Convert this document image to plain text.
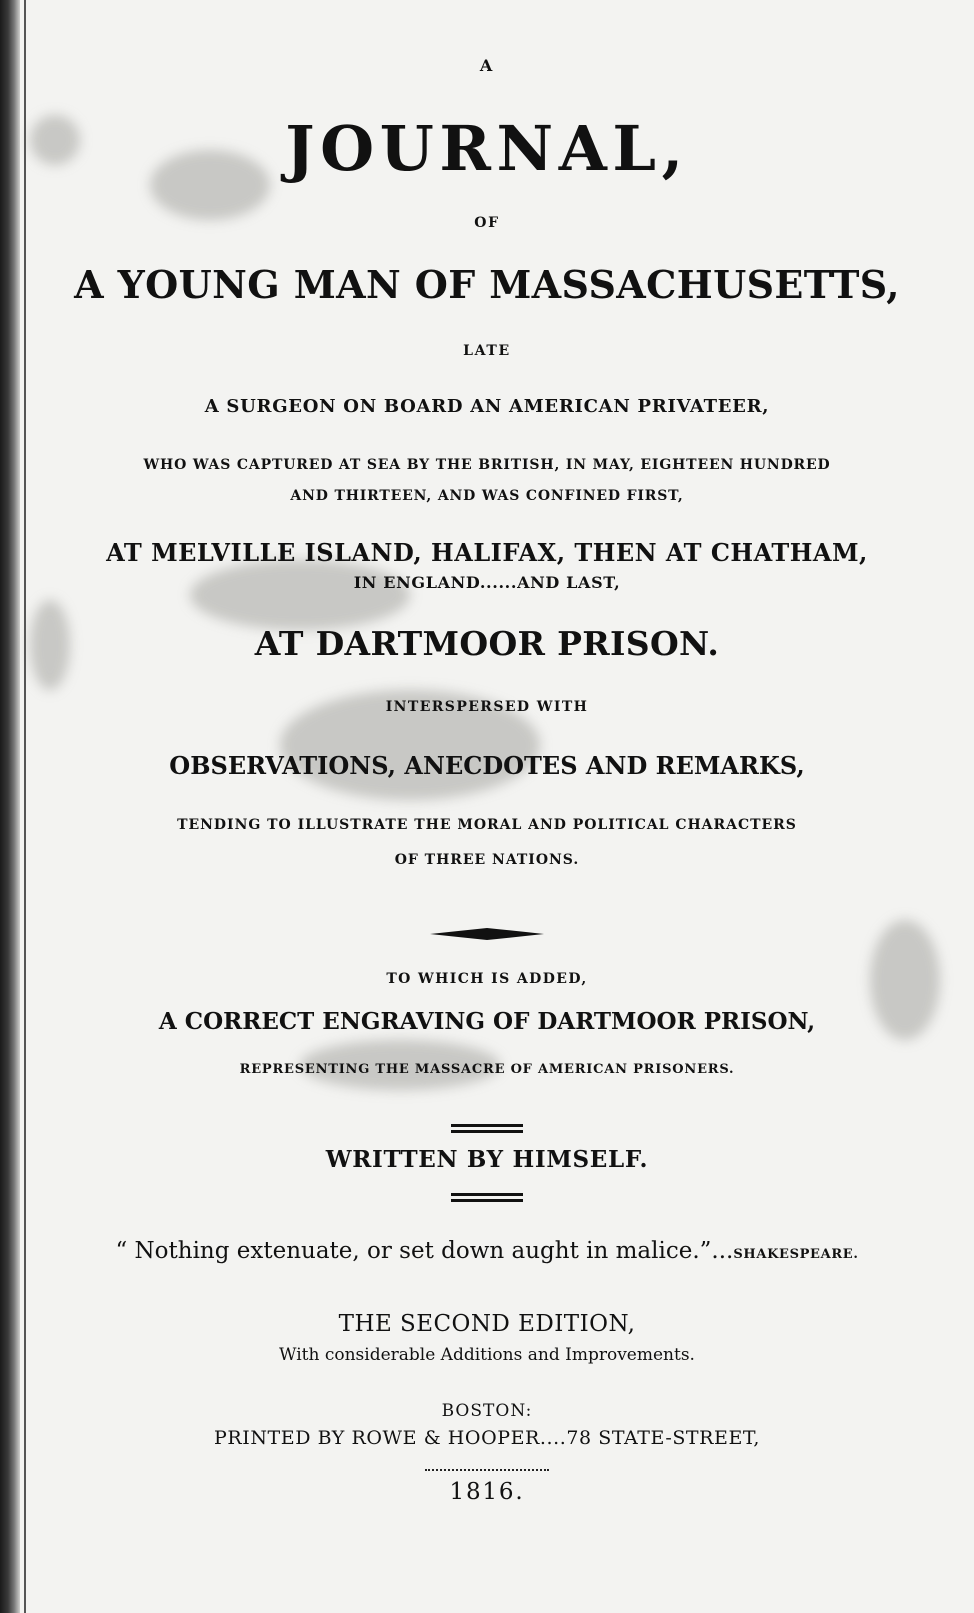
A
JOURNAL,
OF
A YOUNG MAN OF MASSACHUSETTS,
LATE
A SURGEON ON BOARD AN AMERICAN PRIVATEER,
WHO WAS CAPTURED AT SEA BY THE BRITISH, IN MAY, EIGHTEEN HUNDRED
AND THIRTEEN, AND WAS CONFINED FIRST,
AT MELVILLE ISLAND, HALIFAX, THEN AT CHATHAM,
IN ENGLAND......AND LAST,
AT DARTMOOR PRISON.
INTERSPERSED WITH
OBSERVATIONS, ANECDOTES AND REMARKS,
TENDING TO ILLUSTRATE THE MORAL AND POLITICAL CHARACTERS
OF THREE NATIONS.
TO WHICH IS ADDED,
A CORRECT ENGRAVING OF DARTMOOR PRISON,
REPRESENTING THE MASSACRE OF AMERICAN PRISONERS.
WRITTEN BY HIMSELF.
“ Nothing extenuate, or set down aught in malice.”...SHAKESPEARE.
THE SECOND EDITION,
With considerable Additions and Improvements.
BOSTON:
PRINTED BY ROWE & HOOPER....78 STATE-STREET,
1816.
